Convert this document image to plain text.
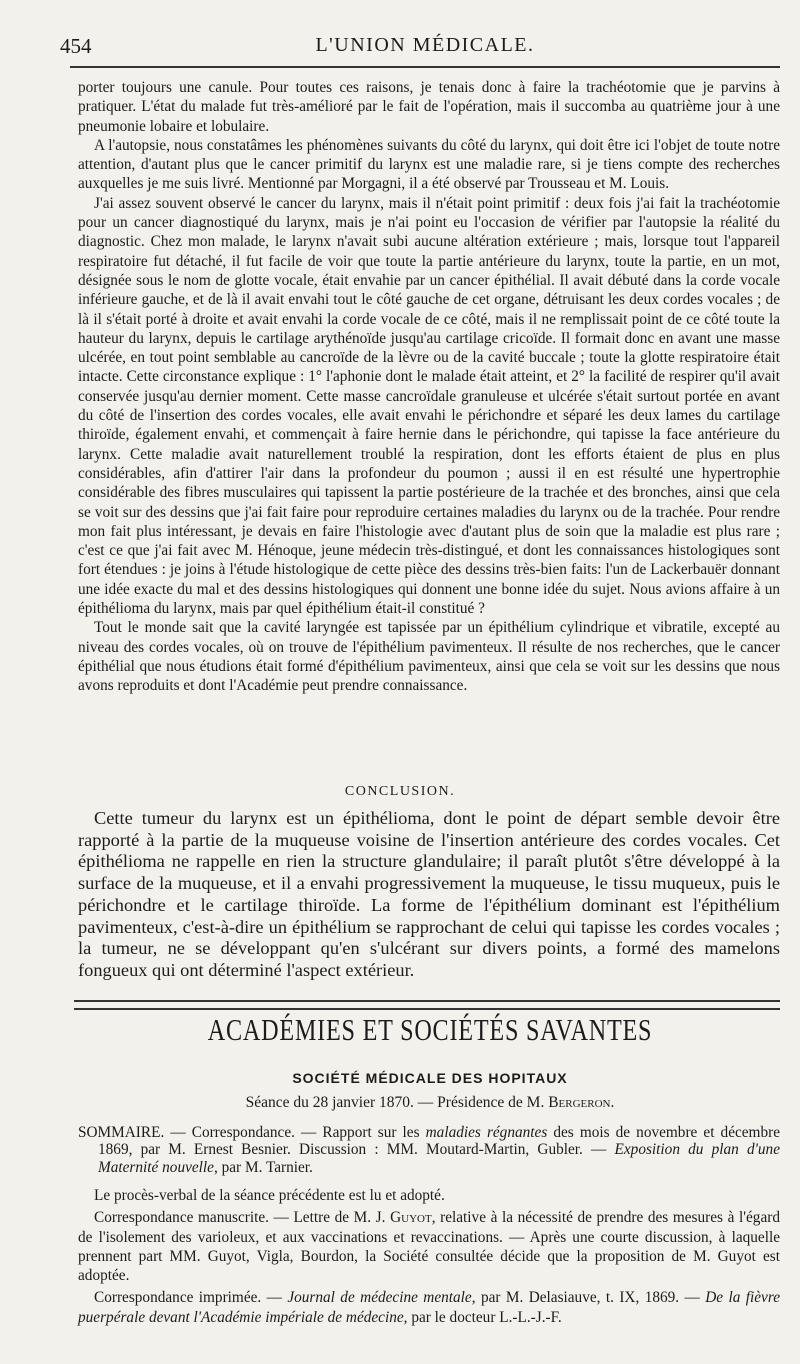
454	L'UNION MÉDICALE.

porter toujours une canule. Pour toutes ces raisons, je tenais donc à faire la trachéotomie que je parvins à pratiquer. L'état du malade fut très-amélioré par le fait de l'opération, mais il succomba au quatrième jour à une pneumonie lobaire et lobulaire.

A l'autopsie, nous constatâmes les phénomènes suivants du côté du larynx, qui doit être ici l'objet de toute notre attention, d'autant plus que le cancer primitif du larynx est une maladie rare, si je tiens compte des recherches auxquelles je me suis livré. Mentionné par Morgagni, il a été observé par Trousseau et M. Louis.

J'ai assez souvent observé le cancer du larynx, mais il n'était point primitif : deux fois j'ai fait la trachéotomie pour un cancer diagnostiqué du larynx, mais je n'ai point eu l'occasion de vérifier par l'autopsie la réalité du diagnostic. Chez mon malade, le larynx n'avait subi aucune altération extérieure ; mais, lorsque tout l'appareil respiratoire fut détaché, il fut facile de voir que toute la partie antérieure du larynx, toute la partie, en un mot, désignée sous le nom de glotte vocale, était envahie par un cancer épithélial. Il avait débuté dans la corde vocale inférieure gauche, et de là il avait envahi tout le côté gauche de cet organe, détruisant les deux cordes vocales ; de là il s'était porté à droite et avait envahi la corde vocale de ce côté, mais il ne remplissait point de ce côté toute la hauteur du larynx, depuis le cartilage arythénoïde jusqu'au cartilage cricoïde. Il formait donc en avant une masse ulcérée, en tout point semblable au cancroïde de la lèvre ou de la cavité buccale ; toute la glotte respiratoire était intacte. Cette circonstance explique : 1° l'aphonie dont le malade était atteint, et 2° la facilité de respirer qu'il avait conservée jusqu'au dernier moment. Cette masse cancroïdale granuleuse et ulcérée s'était surtout portée en avant du côté de l'insertion des cordes vocales, elle avait envahi le périchondre et séparé les deux lames du cartilage thiroïde, également envahi, et commençait à faire hernie dans le périchondre, qui tapisse la face antérieure du larynx. Cette maladie avait naturellement troublé la respiration, dont les efforts étaient de plus en plus considérables, afin d'attirer l'air dans la profondeur du poumon ; aussi il en est résulté une hypertrophie considérable des fibres musculaires qui tapissent la partie postérieure de la trachée et des bronches, ainsi que cela se voit sur des dessins que j'ai fait faire pour reproduire certaines maladies du larynx ou de la trachée. Pour rendre mon fait plus intéressant, je devais en faire l'histologie avec d'autant plus de soin que la maladie est plus rare ; c'est ce que j'ai fait avec M. Hénoque, jeune médecin très-distingué, et dont les connaissances histologiques sont fort étendues : je joins à l'étude histologique de cette pièce des dessins très-bien faits: l'un de Lackerbauër donnant une idée exacte du mal et des dessins histologiques qui donnent une bonne idée du sujet. Nous avions affaire à un épithélioma du larynx, mais par quel épithélium était-il constitué ?

Tout le monde sait que la cavité laryngée est tapissée par un épithélium cylindrique et vibratile, excepté au niveau des cordes vocales, où on trouve de l'épithélium pavimenteux. Il résulte de nos recherches, que le cancer épithélial que nous étudions était formé d'épithélium pavimenteux, ainsi que cela se voit sur les dessins que nous avons reproduits et dont l'Académie peut prendre connaissance.

CONCLUSION.

Cette tumeur du larynx est un épithélioma, dont le point de départ semble devoir être rapporté à la partie de la muqueuse voisine de l'insertion antérieure des cordes vocales. Cet épithélioma ne rappelle en rien la structure glandulaire; il paraît plutôt s'être développé à la surface de la muqueuse, et il a envahi progressivement la muqueuse, le tissu muqueux, puis le périchondre et le cartilage thiroïde. La forme de l'épithélium dominant est l'épithélium pavimenteux, c'est-à-dire un épithélium se rapprochant de celui qui tapisse les cordes vocales ; la tumeur, ne se développant qu'en s'ulcérant sur divers points, a formé des mamelons fongueux qui ont déterminé l'aspect extérieur.

ACADÉMIES ET SOCIÉTÉS SAVANTES
SOCIÉTÉ MÉDICALE DES HOPITAUX
Séance du 28 janvier 1870. — Présidence de M. Bergeron.

SOMMAIRE. — Correspondance. — Rapport sur les maladies régnantes des mois de novembre et décembre 1869, par M. Ernest Besnier. Discussion : MM. Moutard-Martin, Gubler. — Exposition du plan d'une Maternité nouvelle, par M. Tarnier.

Le procès-verbal de la séance précédente est lu et adopté.

Correspondance manuscrite. — Lettre de M. J. Guyot, relative à la nécessité de prendre des mesures à l'égard de l'isolement des varioleux, et aux vaccinations et revaccinations. — Après une courte discussion, à laquelle prennent part MM. Guyot, Vigla, Bourdon, la Société consultée décide que la proposition de M. Guyot est adoptée.

Correspondance imprimée. — Journal de médecine mentale, par M. Delasiauve, t. IX, 1869. — De la fièvre puerpérale devant l'Académie impériale de médecine, par le docteur L.-L.-J.-F.
